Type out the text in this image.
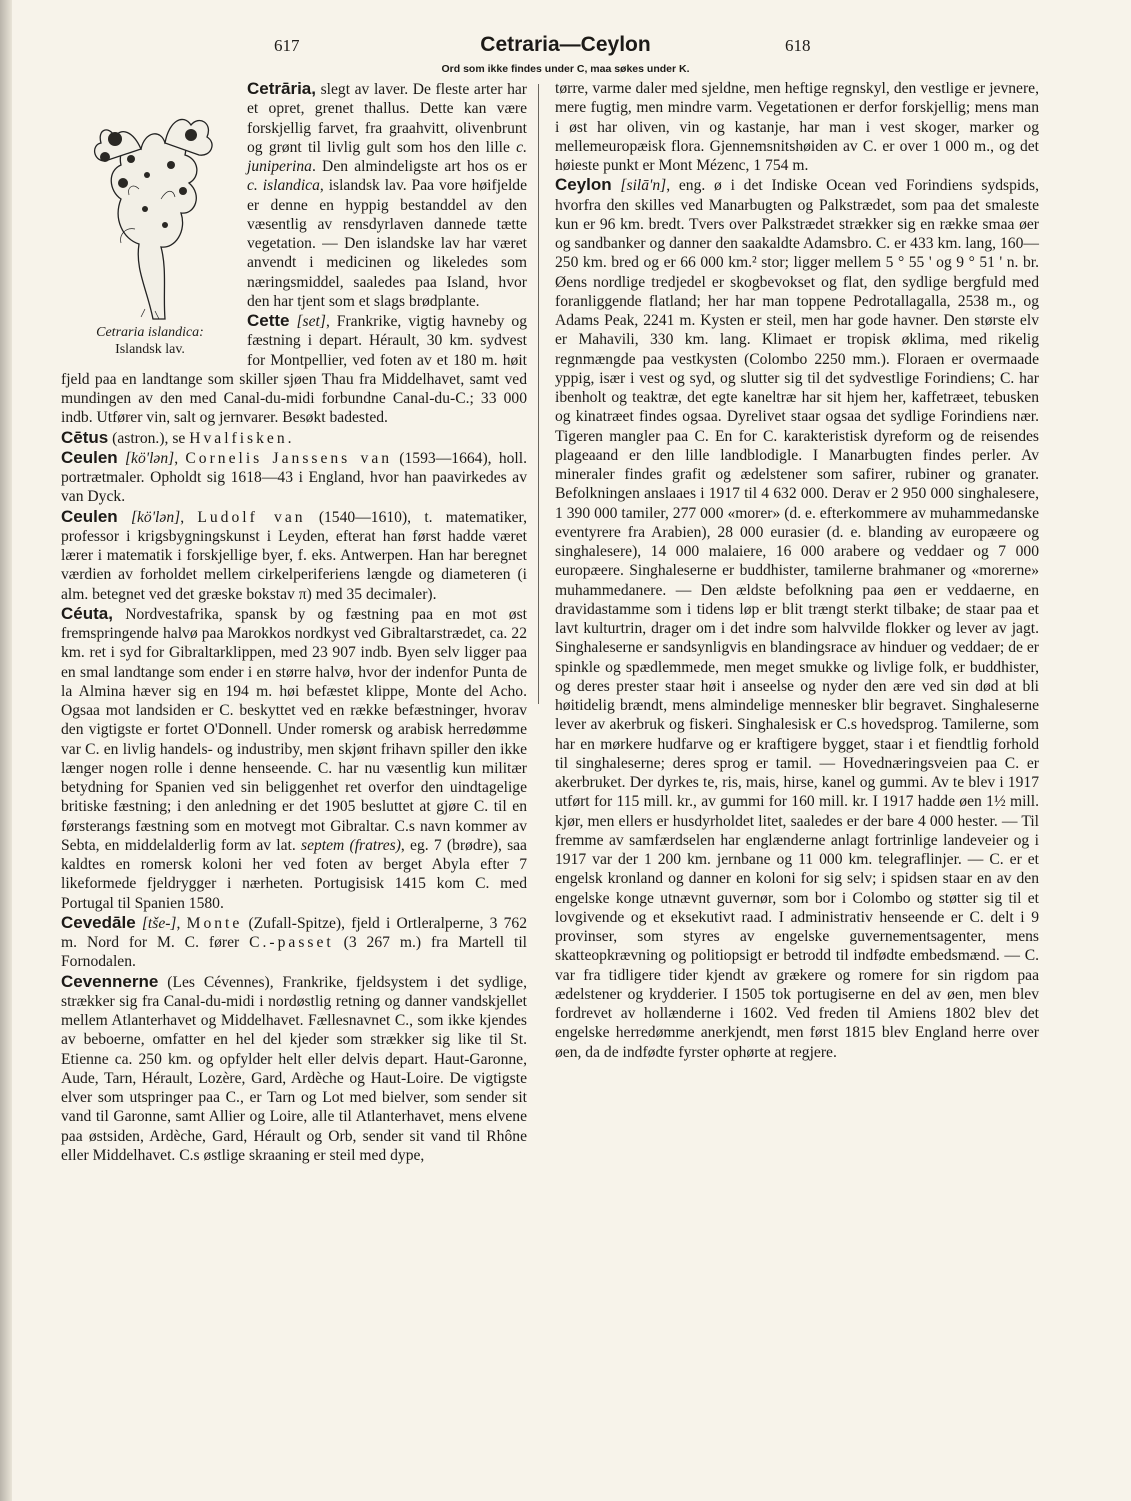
617	Cetraria—Ceylon	618
Ord som ikke findes under C, maa søkes under K.
Cetraria islandica:
Islandsk lav.

Cetrāria, slegt av laver. De fleste arter har et opret, grenet thallus. Dette kan være forskjellig farvet, fra graahvitt, olivenbrunt og grønt til livlig gult som hos den lille c. juniperina. Den almindeligste art hos os er c. islandica, islandsk lav. Paa vore høifjelde er denne en hyppig bestanddel av den væsentlig av rensdyrlaven dannede tætte vegetation. — Den islandske lav har været anvendt i medicinen og likeledes som næringsmiddel, saaledes paa Island, hvor den har tjent som et slags brødplante.

Cette [set], Frankrike, vigtig havneby og fæstning i depart. Hérault, 30 km. sydvest for Montpellier, ved foten av et 180 m. høit fjeld paa en landtange som skiller sjøen Thau fra Middelhavet, samt ved mundingen av den med Canal-du-midi forbundne Canal-du-C.; 33 000 indb. Utfører vin, salt og jernvarer. Besøkt badested.

Cētus (astron.), se Hvalfisken.

Ceulen [kö'lən], Cornelis Janssens van (1593—1664), holl. portrætmaler. Opholdt sig 1618—43 i England, hvor han paavirkedes av van Dyck.

Ceulen [kö'lən], Ludolf van (1540—1610), t. matematiker, professor i krigsbygningskunst i Leyden, efterat han først hadde været lærer i matematik i forskjellige byer, f. eks. Antwerpen. Han har beregnet værdien av forholdet mellem cirkelperiferiens længde og diameteren (i alm. betegnet ved det græske bokstav π) med 35 decimaler).

Céuta, Nordvestafrika, spansk by og fæstning paa en mot øst fremspringende halvø paa Marokkos nordkyst ved Gibraltarstrædet, ca. 22 km. ret i syd for Gibraltarklippen, med 23 907 indb. Byen selv ligger paa en smal landtange som ender i en større halvø, hvor der indenfor Punta de la Almina hæver sig en 194 m. høi befæstet klippe, Monte del Acho. Ogsaa mot landsiden er C. beskyttet ved en række befæstninger, hvorav den vigtigste er fortet O'Donnell. Under romersk og arabisk herredømme var C. en livlig handels- og industriby, men skjønt frihavn spiller den ikke længer nogen rolle i denne henseende. C. har nu væsentlig kun militær betydning for Spanien ved sin beliggenhet ret overfor den uindtagelige britiske fæstning; i den anledning er det 1905 besluttet at gjøre C. til en førsterangs fæstning som en motvegt mot Gibraltar. C.s navn kommer av Sebta, en middelalderlig form av lat. septem (fratres), eg. 7 (brødre), saa kaldtes en romersk koloni her ved foten av berget Abyla efter 7 likeformede fjeldrygger i nærheten. Portugisisk 1415 kom C. med Portugal til Spanien 1580.

Cevedāle [tše-], Monte (Zufall-Spitze), fjeld i Ortleralperne, 3 762 m. Nord for M. C. fører C.-passet (3 267 m.) fra Martell til Fornodalen.

Cevennerne (Les Cévennes), Frankrike, fjeldsystem i det sydlige, strækker sig fra Canal-du-midi i nordøstlig retning og danner vandskjellet mellem Atlanterhavet og Middelhavet. Fællesnavnet C., som ikke kjendes av beboerne, omfatter en hel del kjeder som strækker sig like til St. Etienne ca. 250 km. og opfylder helt eller delvis depart. Haut-Garonne, Aude, Tarn, Hérault, Lozère, Gard, Ardèche og Haut-Loire. De vigtigste elver som utspringer paa C., er Tarn og Lot med bielver, som sender sit vand til Garonne, samt Allier og Loire, alle til Atlanterhavet, mens elvene paa østsiden, Ardèche, Gard, Hérault og Orb, sender sit vand til Rhône eller Middelhavet. C.s østlige skraaning er steil med dype,

tørre, varme daler med sjeldne, men heftige regnskyl, den vestlige er jevnere, mere fugtig, men mindre varm. Vegetationen er derfor forskjellig; mens man i øst har oliven, vin og kastanje, har man i vest skoger, marker og mellemeuropæisk flora. Gjennemsnitshøiden av C. er over 1 000 m., og det høieste punkt er Mont Mézenc, 1 754 m.

Ceylon [silā'n], eng. ø i det Indiske Ocean ved Forindiens sydspids, hvorfra den skilles ved Manarbugten og Palkstrædet, som paa det smaleste kun er 96 km. bredt. Tvers over Palkstrædet strækker sig en række smaa øer og sandbanker og danner den saakaldte Adamsbro. C. er 433 km. lang, 160—250 km. bred og er 66 000 km.² stor; ligger mellem 5 ° 55 ' og 9 ° 51 ' n. br. Øens nordlige tredjedel er skogbevokset og flat, den sydlige bergfuld med foranliggende flatland; her har man toppene Pedrotallagalla, 2538 m., og Adams Peak, 2241 m. Kysten er steil, men har gode havner. Den største elv er Mahavili, 330 km. lang. Klimaet er tropisk øklima, med rikelig regnmængde paa vestkysten (Colombo 2250 mm.). Floraen er overmaade yppig, især i vest og syd, og slutter sig til det sydvestlige Forindiens; C. har ibenholt og teaktræ, det egte kaneltræ har sit hjem her, kaffetræet, tebusken og kinatræet findes ogsaa. Dyrelivet staar ogsaa det sydlige Forindiens nær. Tigeren mangler paa C. En for C. karakteristisk dyreform og de reisendes plageaand er den lille landblodigle. I Manarbugten findes perler. Av mineraler findes grafit og ædelstener som safirer, rubiner og granater. Befolkningen anslaaes i 1917 til 4 632 000. Derav er 2 950 000 singhalesere, 1 390 000 tamiler, 277 000 «morer» (d. e. efterkommere av muhammedanske eventyrere fra Arabien), 28 000 eurasier (d. e. blanding av europæere og singhalesere), 14 000 malaiere, 16 000 arabere og veddaer og 7 000 europæere. Singhaleserne er buddhister, tamilerne brahmaner og «morerne» muhammedanere. — Den ældste befolkning paa øen er veddaerne, en dravidastamme som i tidens løp er blit trængt sterkt tilbake; de staar paa et lavt kulturtrin, drager om i det indre som halvvilde flokker og lever av jagt. Singhaleserne er sandsynligvis en blandingsrace av hinduer og veddaer; de er spinkle og spædlemmede, men meget smukke og livlige folk, er buddhister, og deres prester staar høit i anseelse og nyder den ære ved sin død at bli høitidelig brændt, mens almindelige mennesker blir begravet. Singhaleserne lever av akerbruk og fiskeri. Singhalesisk er C.s hovedsprog. Tamilerne, som har en mørkere hudfarve og er kraftigere bygget, staar i et fiendtlig forhold til singhaleserne; deres sprog er tamil. — Hovednæringsveien paa C. er akerbruket. Der dyrkes te, ris, mais, hirse, kanel og gummi. Av te blev i 1917 utført for 115 mill. kr., av gummi for 160 mill. kr. I 1917 hadde øen 1½ mill. kjør, men ellers er husdyrholdet litet, saaledes er der bare 4 000 hester. — Til fremme av samfærdselen har englænderne anlagt fortrinlige landeveier og i 1917 var der 1 200 km. jernbane og 11 000 km. telegraflinjer. — C. er et engelsk kronland og danner en koloni for sig selv; i spidsen staar en av den engelske konge utnævnt guvernør, som bor i Colombo og støtter sig til et lovgivende og et eksekutivt raad. I administrativ henseende er C. delt i 9 provinser, som styres av engelske guvernementsagenter, mens skatteopkrævning og politiopsigt er betrodd til indfødte embedsmænd. — C. var fra tidligere tider kjendt av grækere og romere for sin rigdom paa ædelstener og krydderier. I 1505 tok portugiserne en del av øen, men blev fordrevet av hollænderne i 1602. Ved freden til Amiens 1802 blev det engelske herredømme anerkjendt, men først 1815 blev England herre over øen, da de indfødte fyrster ophørte at regjere.
